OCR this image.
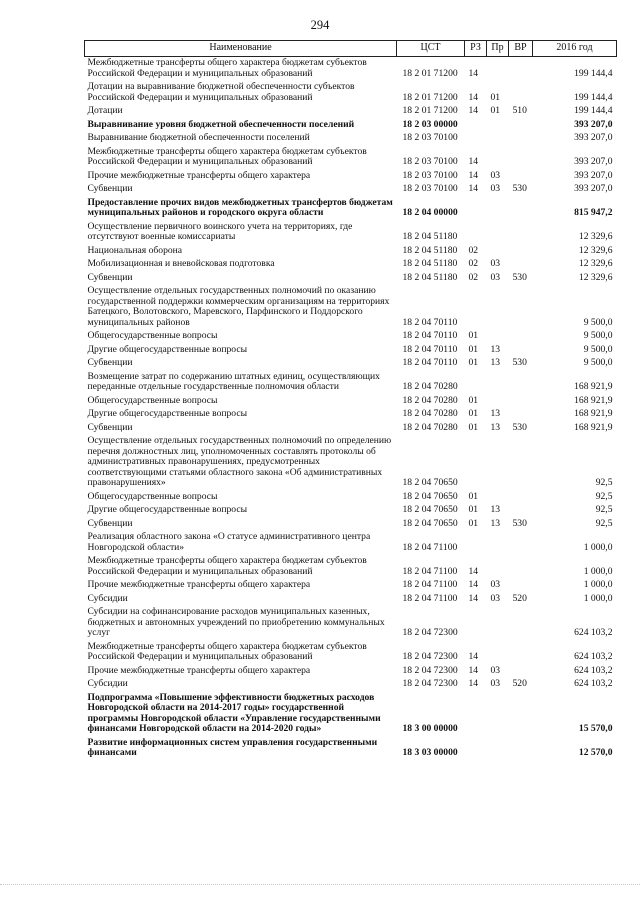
294
Наименование	ЦСТ	РЗ	Пр	ВР	2016 год
Межбюджетные трансферты общего характера бюджетам субъектов Российской Федерации и муниципальных образований	18 2 01 71200	14			199 144,4
Дотации на выравнивание бюджетной обеспеченности субъектов Российской Федерации и муниципальных образований	18 2 01 71200	14	01		199 144,4
Дотации	18 2 01 71200	14	01	510	199 144,4
Выравнивание уровня бюджетной обеспеченности поселений	18 2 03 00000				393 207,0
Выравнивание бюджетной обеспеченности поселений	18 2 03 70100				393 207,0
Межбюджетные трансферты общего характера бюджетам субъектов Российской Федерации и муниципальных образований	18 2 03 70100	14			393 207,0
Прочие межбюджетные трансферты общего характера	18 2 03 70100	14	03		393 207,0
Субвенции	18 2 03 70100	14	03	530	393 207,0
Предоставление прочих видов межбюджетных трансфертов бюджетам муниципальных районов и городского округа области	18 2 04 00000				815 947,2
Осуществление первичного воинского учета на территориях, где отсутствуют военные комиссариаты	18 2 04 51180				12 329,6
Национальная оборона	18 2 04 51180	02			12 329,6
Мобилизационная и вневойсковая подготовка	18 2 04 51180	02	03		12 329,6
Субвенции	18 2 04 51180	02	03	530	12 329,6
Осуществление отдельных государственных полномочий по оказанию государственной поддержки коммерческим организациям на территориях Батецкого, Волотовского, Маревского, Парфинского и Поддорского муниципальных районов	18 2 04 70110				9 500,0
Общегосударственные вопросы	18 2 04 70110	01			9 500,0
Другие общегосударственные вопросы	18 2 04 70110	01	13		9 500,0
Субвенции	18 2 04 70110	01	13	530	9 500,0
Возмещение затрат по содержанию штатных единиц, осуществляющих переданные отдельные государственные полномочия области	18 2 04 70280				168 921,9
Общегосударственные вопросы	18 2 04 70280	01			168 921,9
Другие общегосударственные вопросы	18 2 04 70280	01	13		168 921,9
Субвенции	18 2 04 70280	01	13	530	168 921,9
Осуществление отдельных государственных полномочий по определению перечня должностных лиц, уполномоченных составлять протоколы об административных правонарушениях, предусмотренных соответствующими статьями областного закона «Об административных правонарушениях»	18 2 04 70650				92,5
Общегосударственные вопросы	18 2 04 70650	01			92,5
Другие общегосударственные вопросы	18 2 04 70650	01	13		92,5
Субвенции	18 2 04 70650	01	13	530	92,5
Реализация областного закона «О статусе административного центра Новгородской области»	18 2 04 71100				1 000,0
Межбюджетные трансферты общего характера бюджетам субъектов Российской Федерации и муниципальных образований	18 2 04 71100	14			1 000,0
Прочие межбюджетные трансферты общего характера	18 2 04 71100	14	03		1 000,0
Субсидии	18 2 04 71100	14	03	520	1 000,0
Субсидии на софинансирование расходов муниципальных казенных, бюджетных и автономных учреждений по приобретению коммунальных услуг	18 2 04 72300				624 103,2
Межбюджетные трансферты общего характера бюджетам субъектов Российской Федерации и муниципальных образований	18 2 04 72300	14			624 103,2
Прочие межбюджетные трансферты общего характера	18 2 04 72300	14	03		624 103,2
Субсидии	18 2 04 72300	14	03	520	624 103,2
Подпрограмма «Повышение эффективности бюджетных расходов Новгородской области на 2014-2017 годы» государственной программы Новгородской области «Управление государственными финансами Новгородской области на 2014-2020 годы»	18 3 00 00000				15 570,0
Развитие информационных систем управления государственными финансами	18 3 03 00000				12 570,0
